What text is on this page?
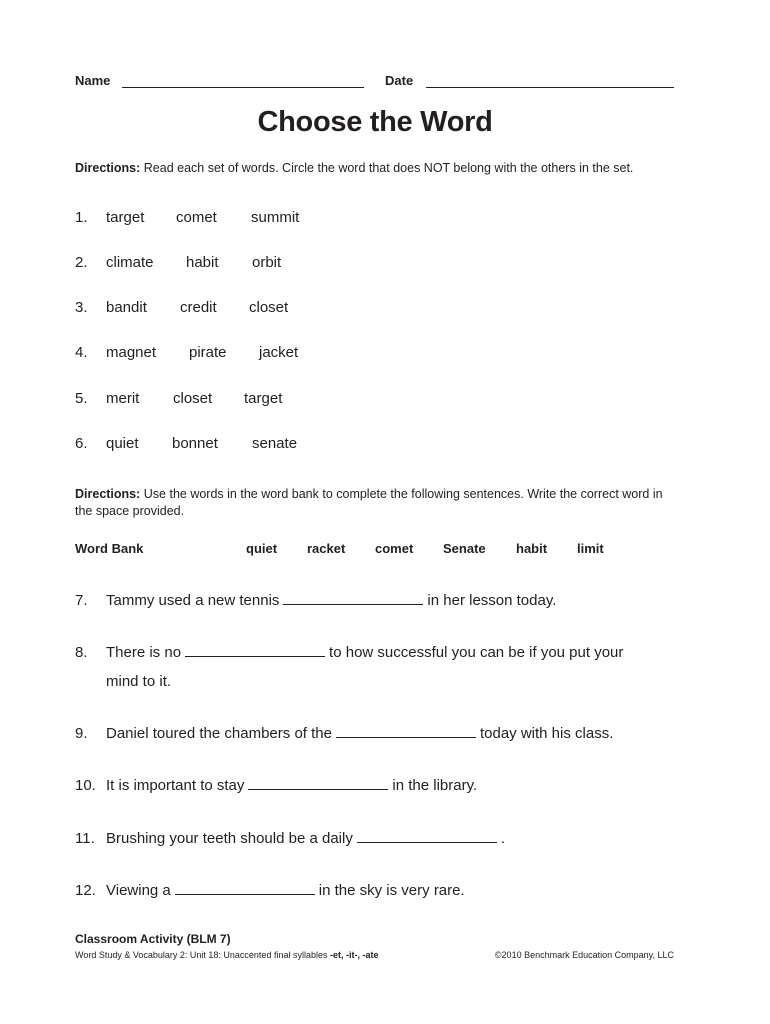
Name	Date
Choose the Word
Directions: Read each set of words. Circle the word that does NOT belong with the others in the set.
1. target comet summit
2. climate habit orbit
3. bandit credit closet
4. magnet pirate jacket
5. merit closet target
6. quiet bonnet senate
Directions: Use the words in the word bank to complete the following sentences. Write the correct word in the space provided.
Word Bank	quiet racket comet Senate habit limit
7. Tammy used a new tennis	in her lesson today.
8. There is no	to how successful you can be if you put your
mind to it.
9. Daniel toured the chambers of the	today with his class.
10. It is important to stay	in the library.
11. Brushing your teeth should be a daily	.
12. Viewing a	in the sky is very rare.
Classroom Activity (BLM 7)
Word Study & Vocabulary 2: Unit 18: Unaccented final syllables -et, -it-, -ate	©2010 Benchmark Education Company, LLC
